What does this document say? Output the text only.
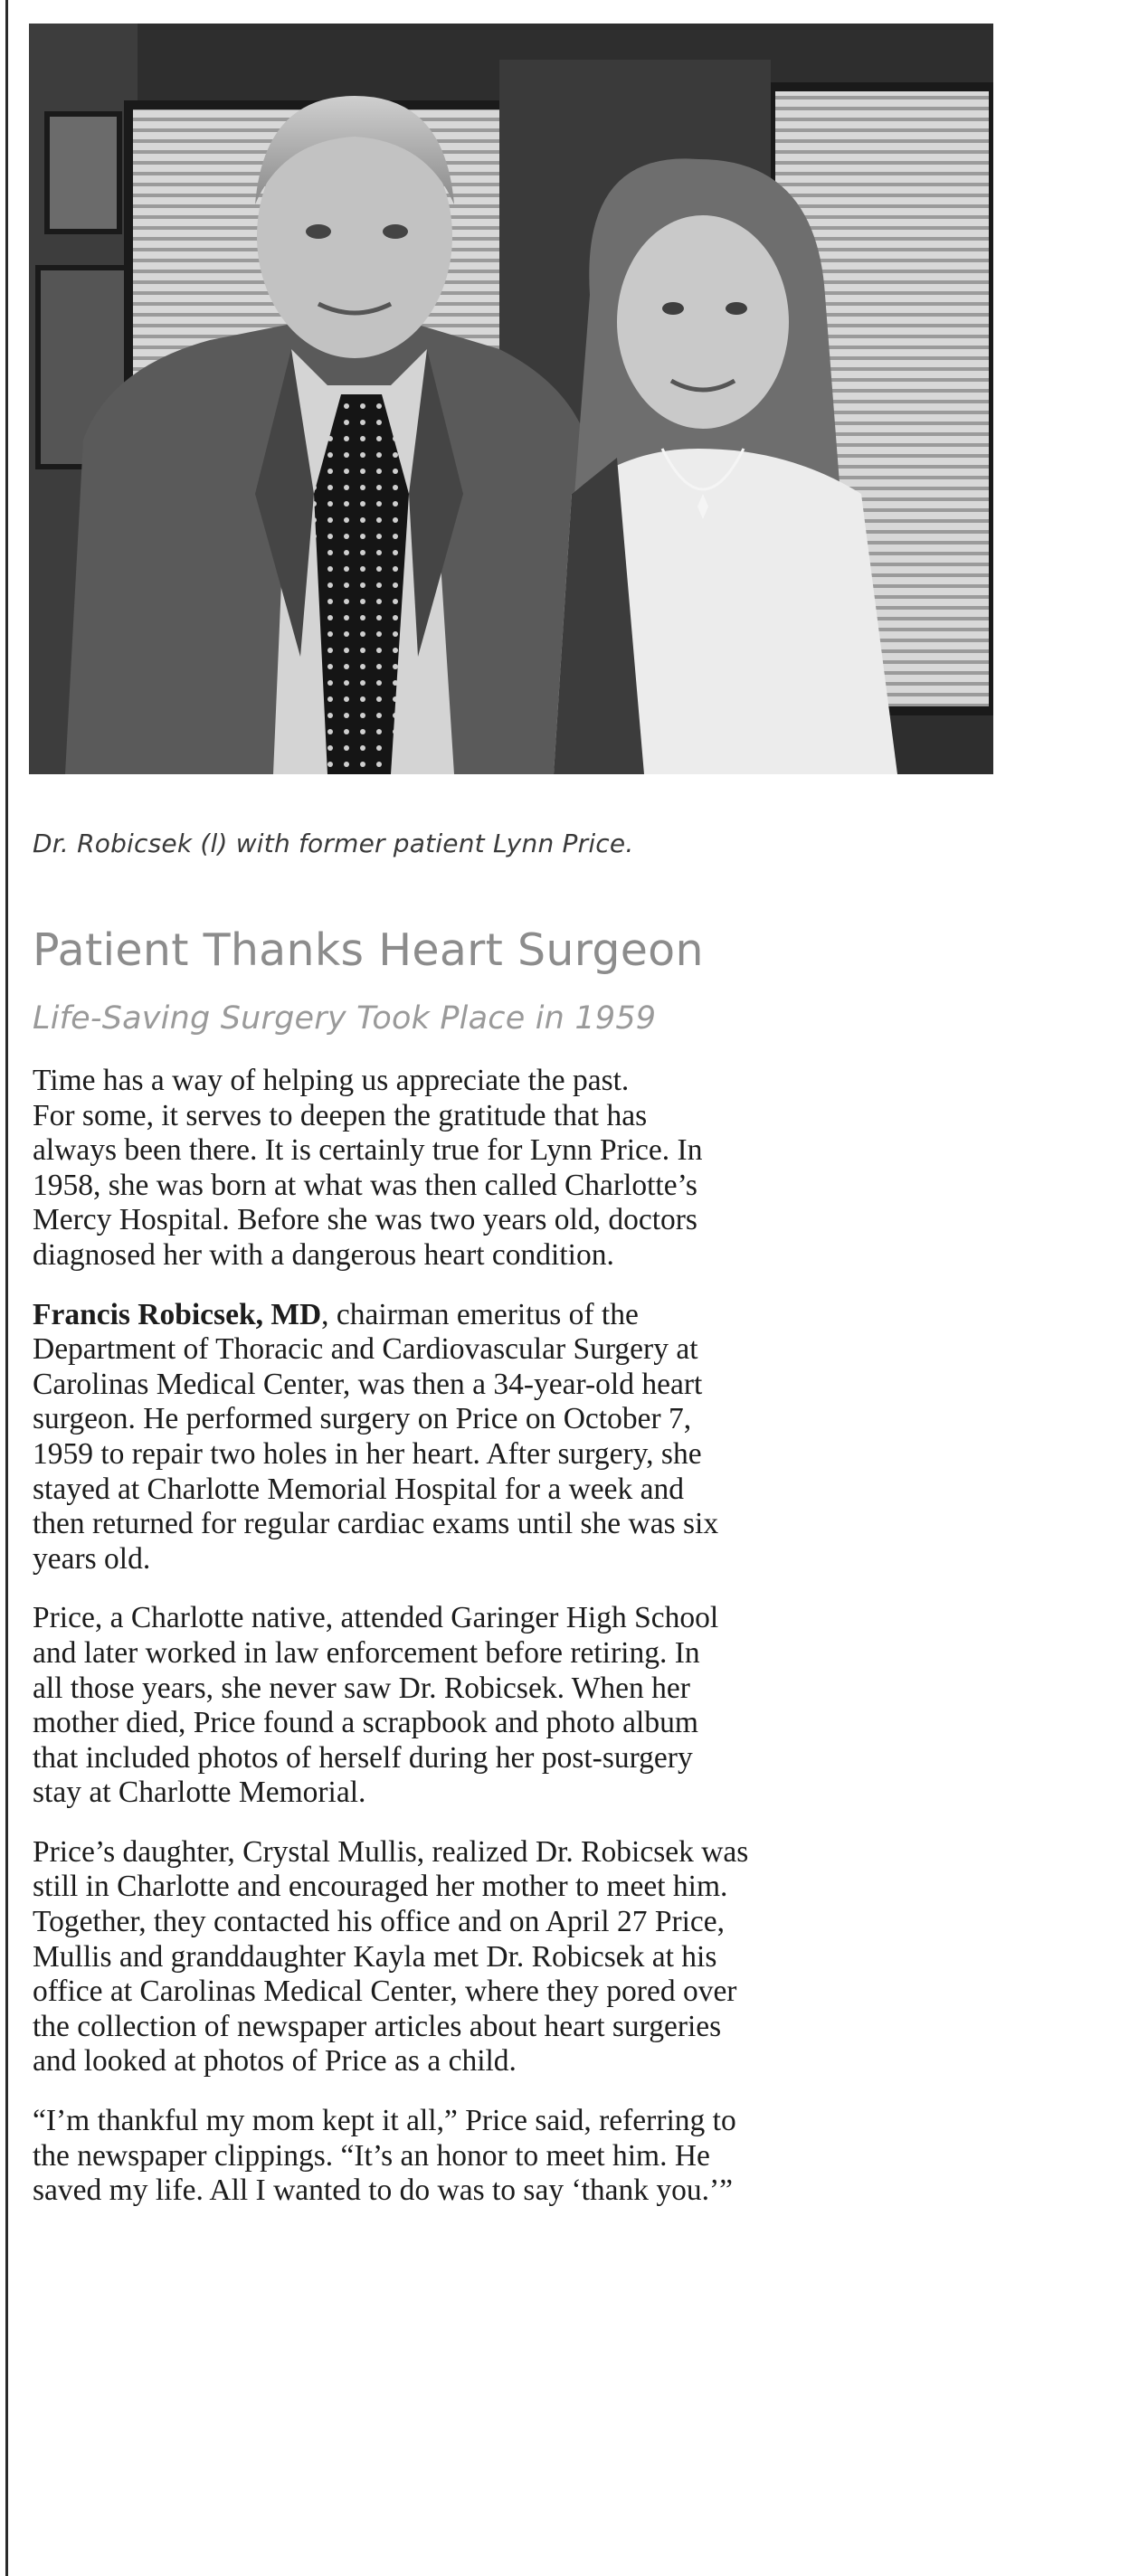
Dr. Robicsek (l) with former patient Lynn Price.
Patient Thanks Heart Surgeon
Life-Saving Surgery Took Place in 1959
Time has a way of helping us appreciate the past.
For some, it serves to deepen the gratitude that has
always been there. It is certainly true for Lynn Price. In
1958, she was born at what was then called Charlotte’s
Mercy Hospital. Before she was two years old, doctors
diagnosed her with a dangerous heart condition.
Francis Robicsek, MD, chairman emeritus of the
Department of Thoracic and Cardiovascular Surgery at
Carolinas Medical Center, was then a 34-year-old heart
surgeon. He performed surgery on Price on October 7,
1959 to repair two holes in her heart. After surgery, she
stayed at Charlotte Memorial Hospital for a week and
then returned for regular cardiac exams until she was six
years old.
Price, a Charlotte native, attended Garinger High School
and later worked in law enforcement before retiring. In
all those years, she never saw Dr. Robicsek. When her
mother died, Price found a scrapbook and photo album
that included photos of herself during her post-surgery
stay at Charlotte Memorial.
Price’s daughter, Crystal Mullis, realized Dr. Robicsek was
still in Charlotte and encouraged her mother to meet him.
Together, they contacted his office and on April 27 Price,
Mullis and granddaughter Kayla met Dr. Robicsek at his
office at Carolinas Medical Center, where they pored over
the collection of newspaper articles about heart surgeries
and looked at photos of Price as a child.
“I’m thankful my mom kept it all,” Price said, referring to
the newspaper clippings. “It’s an honor to meet him. He
saved my life. All I wanted to do was to say ‘thank you.’”
